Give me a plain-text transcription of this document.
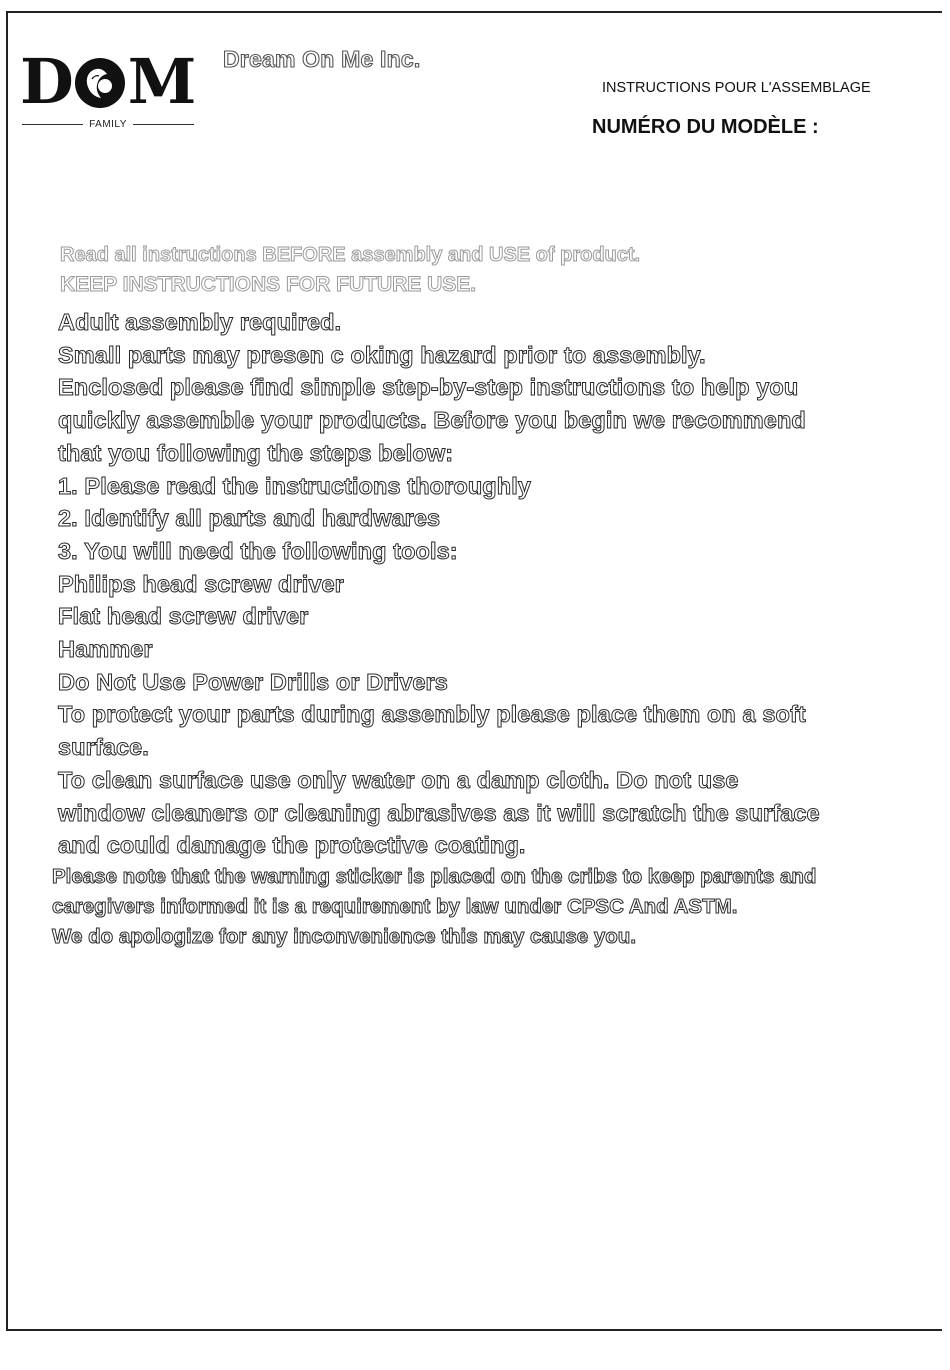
D M
FAMILY
Dream On Me Inc.
INSTRUCTIONS POUR L'ASSEMBLAGE
NUMÉRO DU MODÈLE :
Read all instructions BEFORE assembly and USE of product.
KEEP INSTRUCTIONS FOR FUTURE USE.
Adult assembly required.
Small parts may presen c oking hazard prior to assembly.
Enclosed please find simple step-by-step instructions to help you
quickly assemble your products. Before you begin we recommend
that you following the steps below:
1. Please read the instructions thoroughly
2. Identify all parts and hardwares
3. You will need the following tools:
Philips head screw driver
Flat head screw driver
Hammer
Do Not Use Power Drills or Drivers
To protect your parts during assembly please place them on a soft
surface.
To clean surface use only water on a damp cloth. Do not use
window cleaners or cleaning abrasives as it will scratch the surface
and could damage the protective coating.
Please note that the warning sticker is placed on the cribs to keep parents and
caregivers informed it is a requirement by law under CPSC And ASTM.
We do apologize for any inconvenience this may cause you.
